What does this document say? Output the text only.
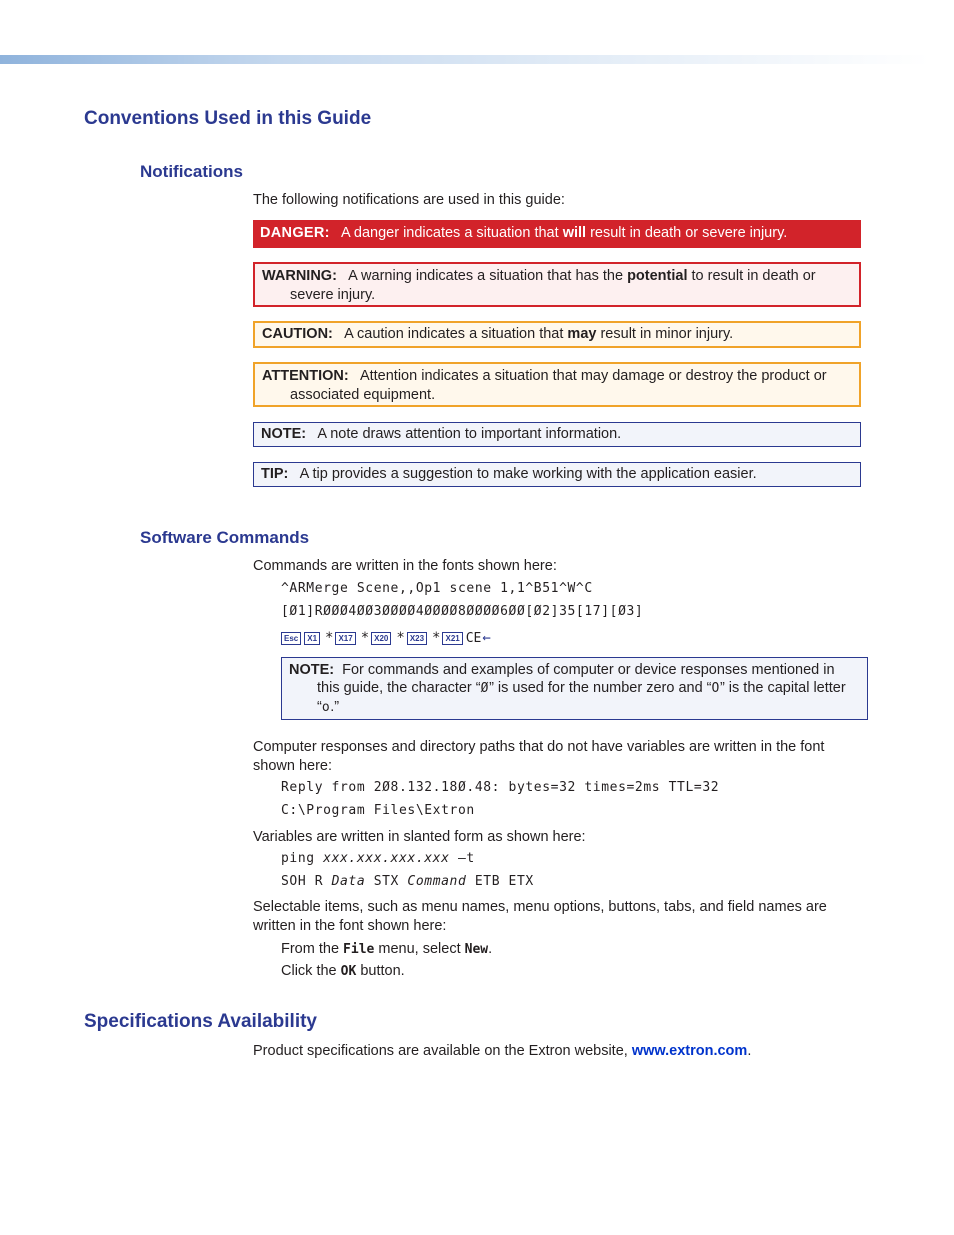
Conventions Used in this Guide
Notifications
The following notifications are used in this guide:
DANGER: A danger indicates a situation that will result in death or severe injury.
WARNING: A warning indicates a situation that has the potential to result in death or severe injury.
CAUTION: A caution indicates a situation that may result in minor injury.
ATTENTION: Attention indicates a situation that may damage or destroy the product or associated equipment.
NOTE: A note draws attention to important information.
TIP: A tip provides a suggestion to make working with the application easier.
Software Commands
Commands are written in the fonts shown here:
^ARMerge Scene,,Op1 scene 1,1^B51^W^C
[Ø1]RØØØ4ØØ3ØØØØ4ØØØØ8ØØØØ6ØØ[Ø2]35[17][Ø3]
Esc	X1 * X17 * X20 * X23 * X21 CE ←
NOTE: For commands and examples of computer or device responses mentioned in this guide, the character “Ø” is used for the number zero and “O” is the capital letter “o.”
Computer responses and directory paths that do not have variables are written in the font shown here:
Reply from 2Ø8.132.18Ø.48: bytes=32 times=2ms TTL=32
C:\Program Files\Extron
Variables are written in slanted form as shown here:
ping xxx.xxx.xxx.xxx —t
SOH R Data STX Command ETB ETX
Selectable items, such as menu names, menu options, buttons, tabs, and field names are written in the font shown here:
From the File menu, select New.
Click the OK button.
Specifications Availability
Product specifications are available on the Extron website, www.extron.com.
